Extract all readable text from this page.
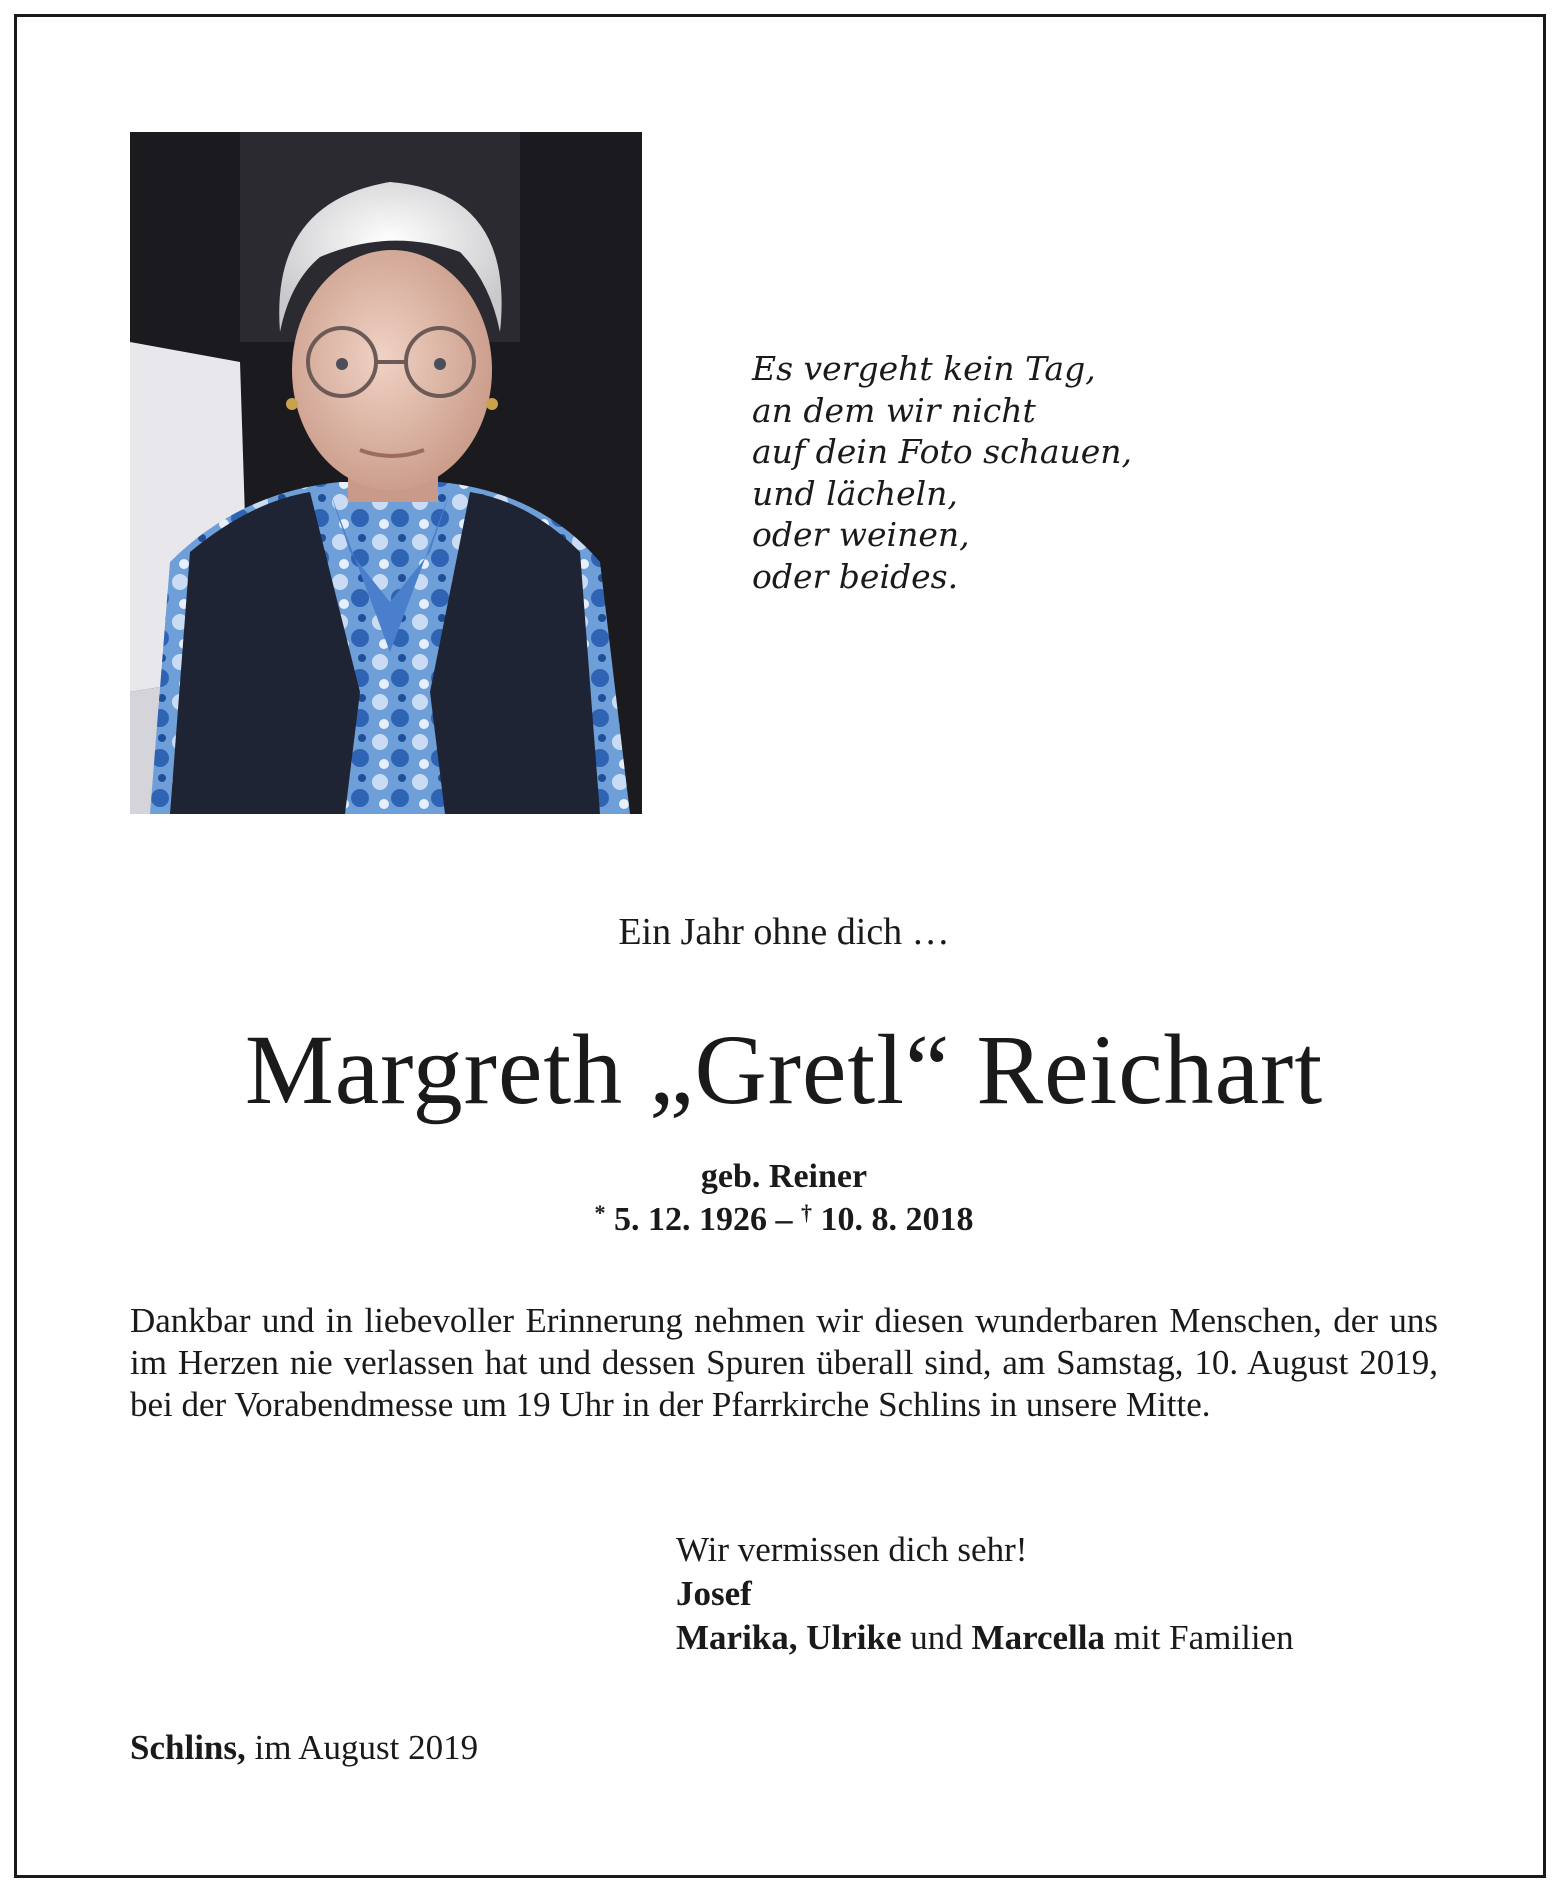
Es vergeht kein Tag,
an dem wir nicht
auf dein Foto schauen,
und lächeln,
oder weinen,
oder beides.
Ein Jahr ohne dich …
Margreth „Gretl“ Reichart
geb. Reiner
* 5. 12. 1926 – † 10. 8. 2018
Dankbar und in liebevoller Erinnerung nehmen wir diesen wunderbaren Menschen, der uns im Herzen nie verlassen hat und dessen Spuren überall sind, am Samstag, 10. August 2019, bei der Vorabendmesse um 19 Uhr in der Pfarrkirche Schlins in unsere Mitte.
Wir vermissen dich sehr!
Josef
Marika, Ulrike und Marcella mit Familien
Schlins, im August 2019
